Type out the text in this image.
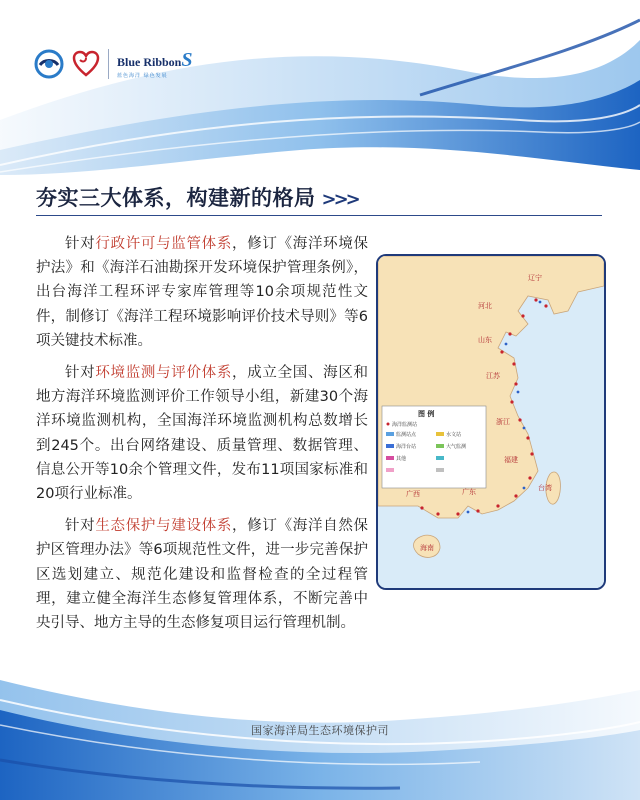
Blue RibbonS
蓝色海洋 绿色发展
夯实三大体系，构建新的格局 >>>

针对行政许可与监管体系，修订《海洋环境保护法》和《海洋石油勘探开发环境保护管理条例》，出台海洋工程环评专家库管理等10余项规范性文件，制修订《海洋工程环境影响评价技术导则》等6项关键技术标准。

针对环境监测与评价体系，成立全国、海区和地方海洋环境监测评价工作领导小组，新建30个海洋环境监测机构，全国海洋环境监测机构总数增长到245个。出台网络建设、质量管理、数据管理、信息公开等10余个管理文件，发布11项国家标准和20项行业标准。

针对生态保护与建设体系，修订《海洋自然保护区管理办法》等6项规范性文件，进一步完善保护区选划建立、规范化建设和监督检查的全过程管理，建立健全海洋生态修复管理体系，不断完善中央引导、地方主导的生态修复项目运行管理机制。

辽宁
河北
山东
江苏
浙江
福建
广东
广西
海南
台湾
图 例
海洋监测站
监测站点	水文站
海洋台站	大气监测
其他
国家海洋局生态环境保护司
